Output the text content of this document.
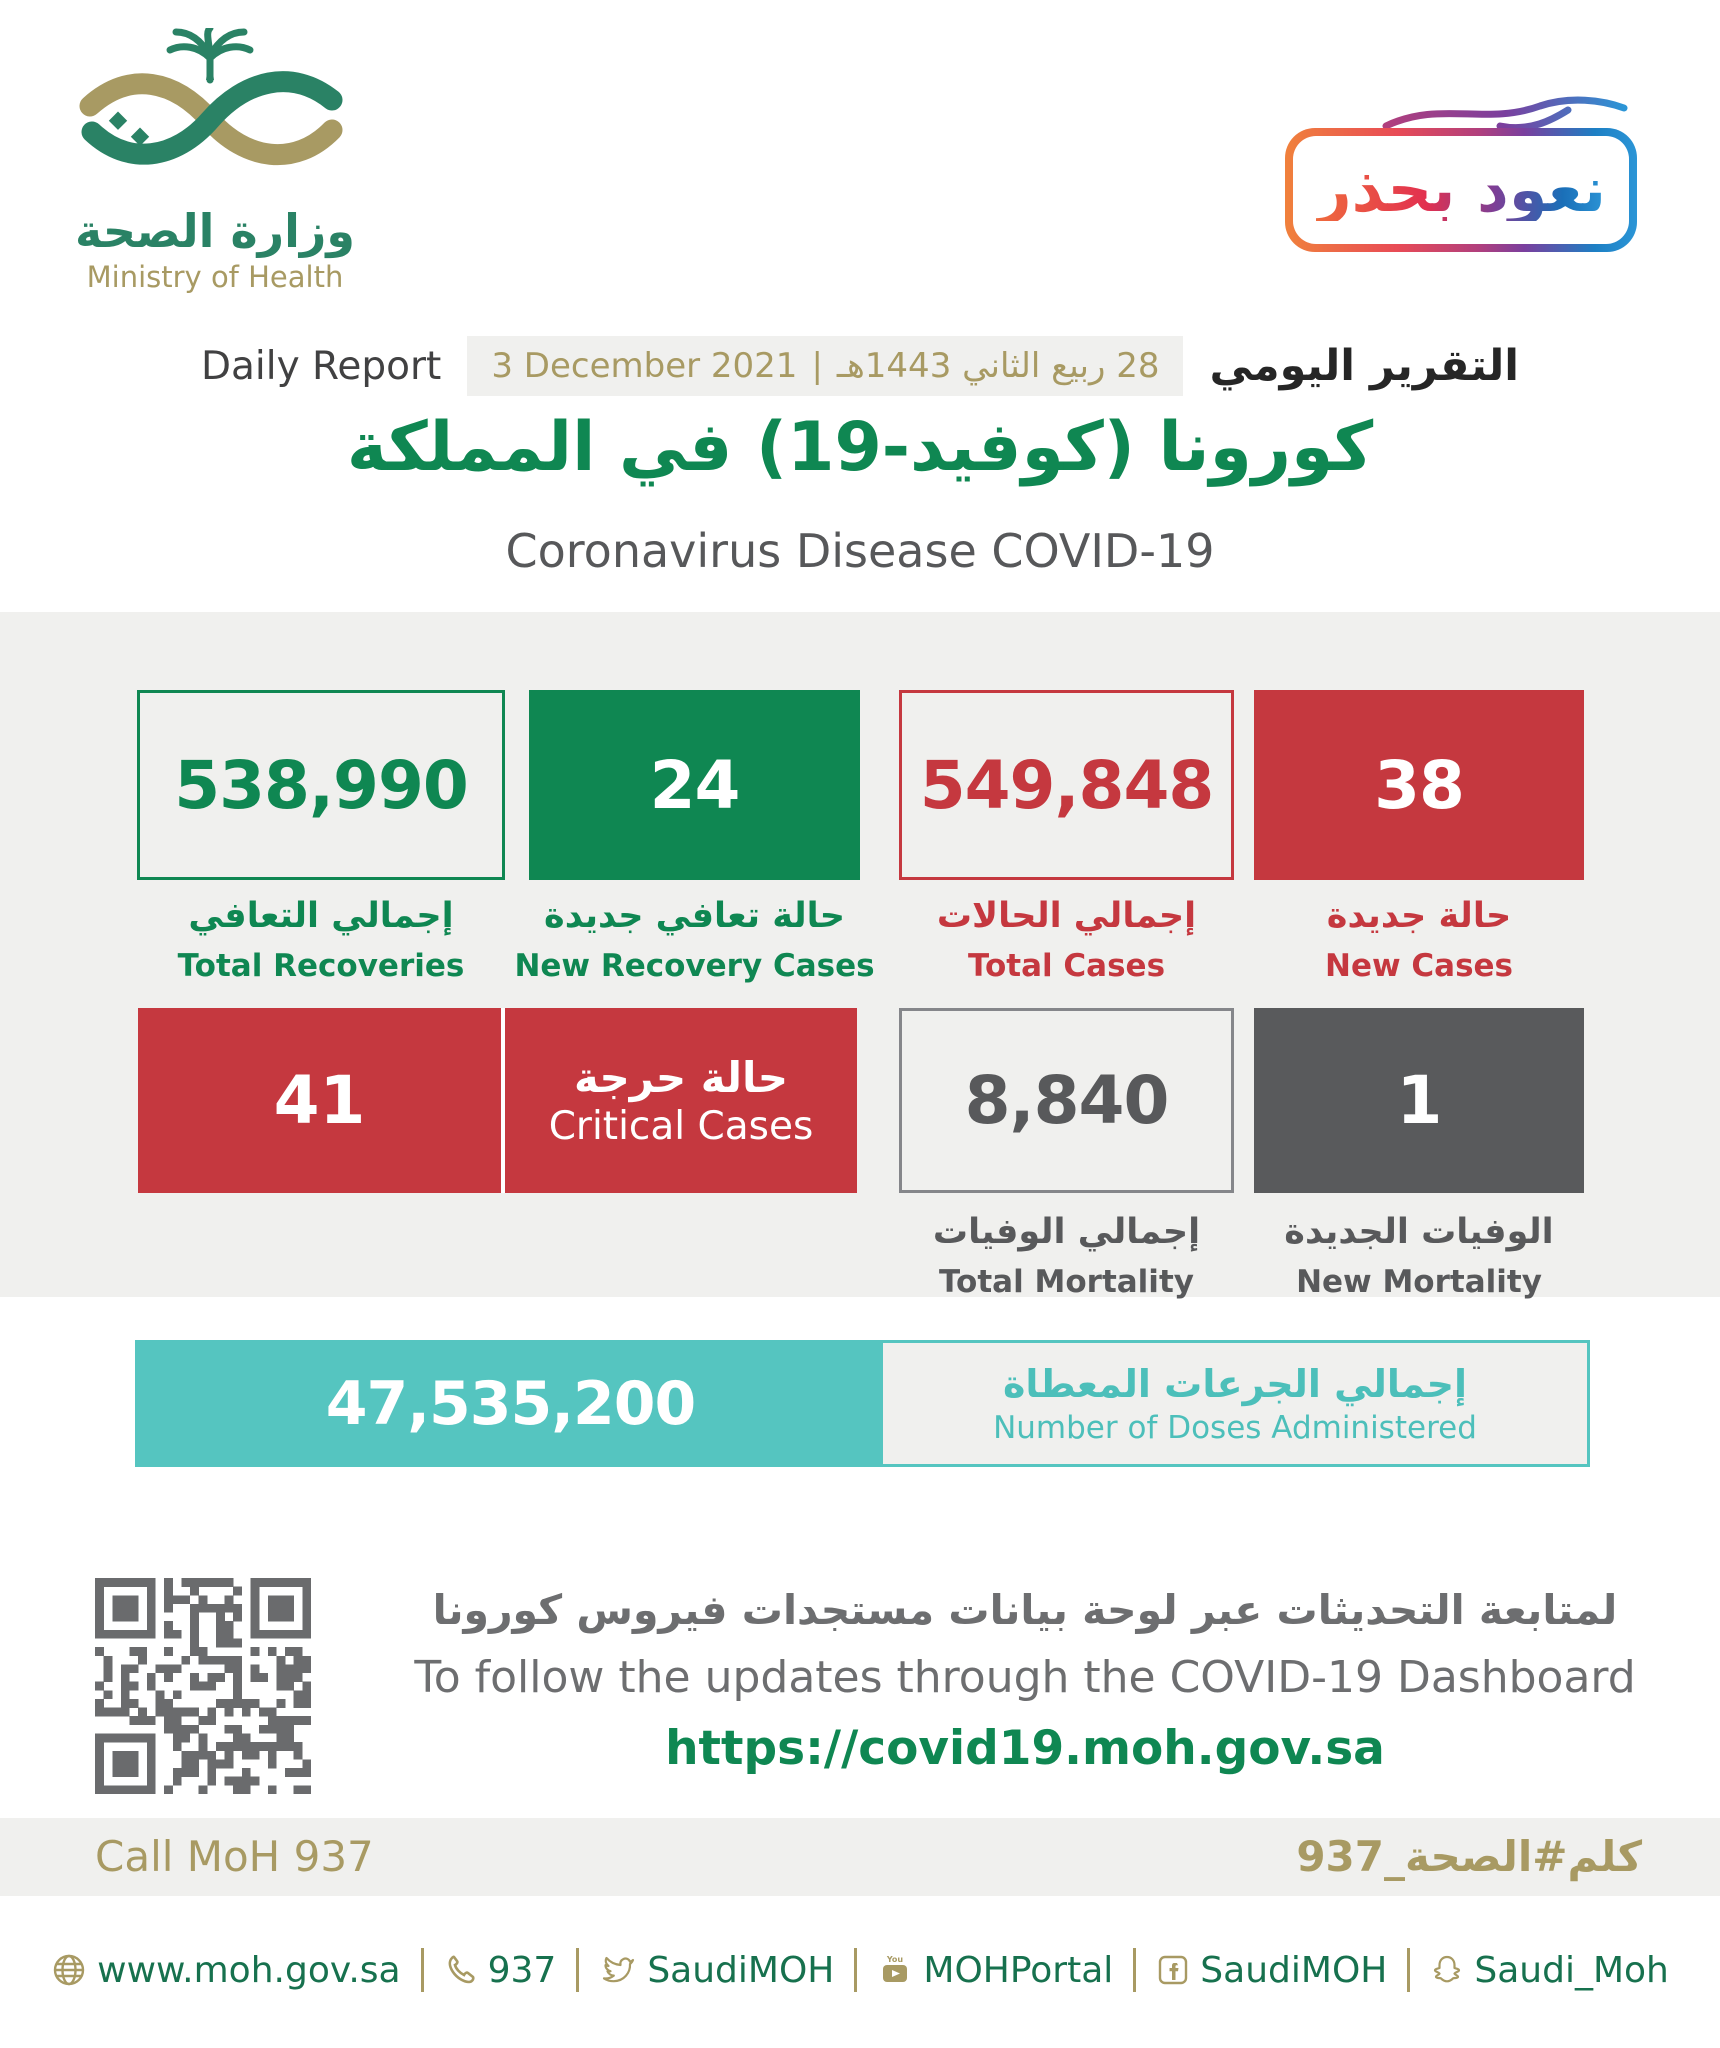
وزارة الصحة
Ministry of Health
نعود بحذر
Daily Report 3 December 2021 | 28 ربيع الثاني 1443هـ التقرير اليومي
كورونا (كوفيد-19) في المملكة
Coronavirus Disease COVID-19
538,990	24	549,848 38
إجمالي التعافي
Total Recoveries
حالة تعافي جديدة
New Recovery Cases
إجمالي الحالات
Total Cases
حالة جديدة
New Cases
41	حالة حرجة
Critical Cases 8,840	1
إجمالي الوفيات
Total Mortality
الوفيات الجديدة
New Mortality
47,535,200	إجمالي الجرعات المعطاة
Number of Doses Administered
لمتابعة التحديثات عبر لوحة بيانات مستجدات فيروس كورونا
To follow the updates through the COVID-19 Dashboard
https://covid19.moh.gov.sa
Call MoH 937	كلم#الصحة_937
www.moh.gov.sa 937	SaudiMOH	You MOHPortal SaudiMOH Saudi_Moh
